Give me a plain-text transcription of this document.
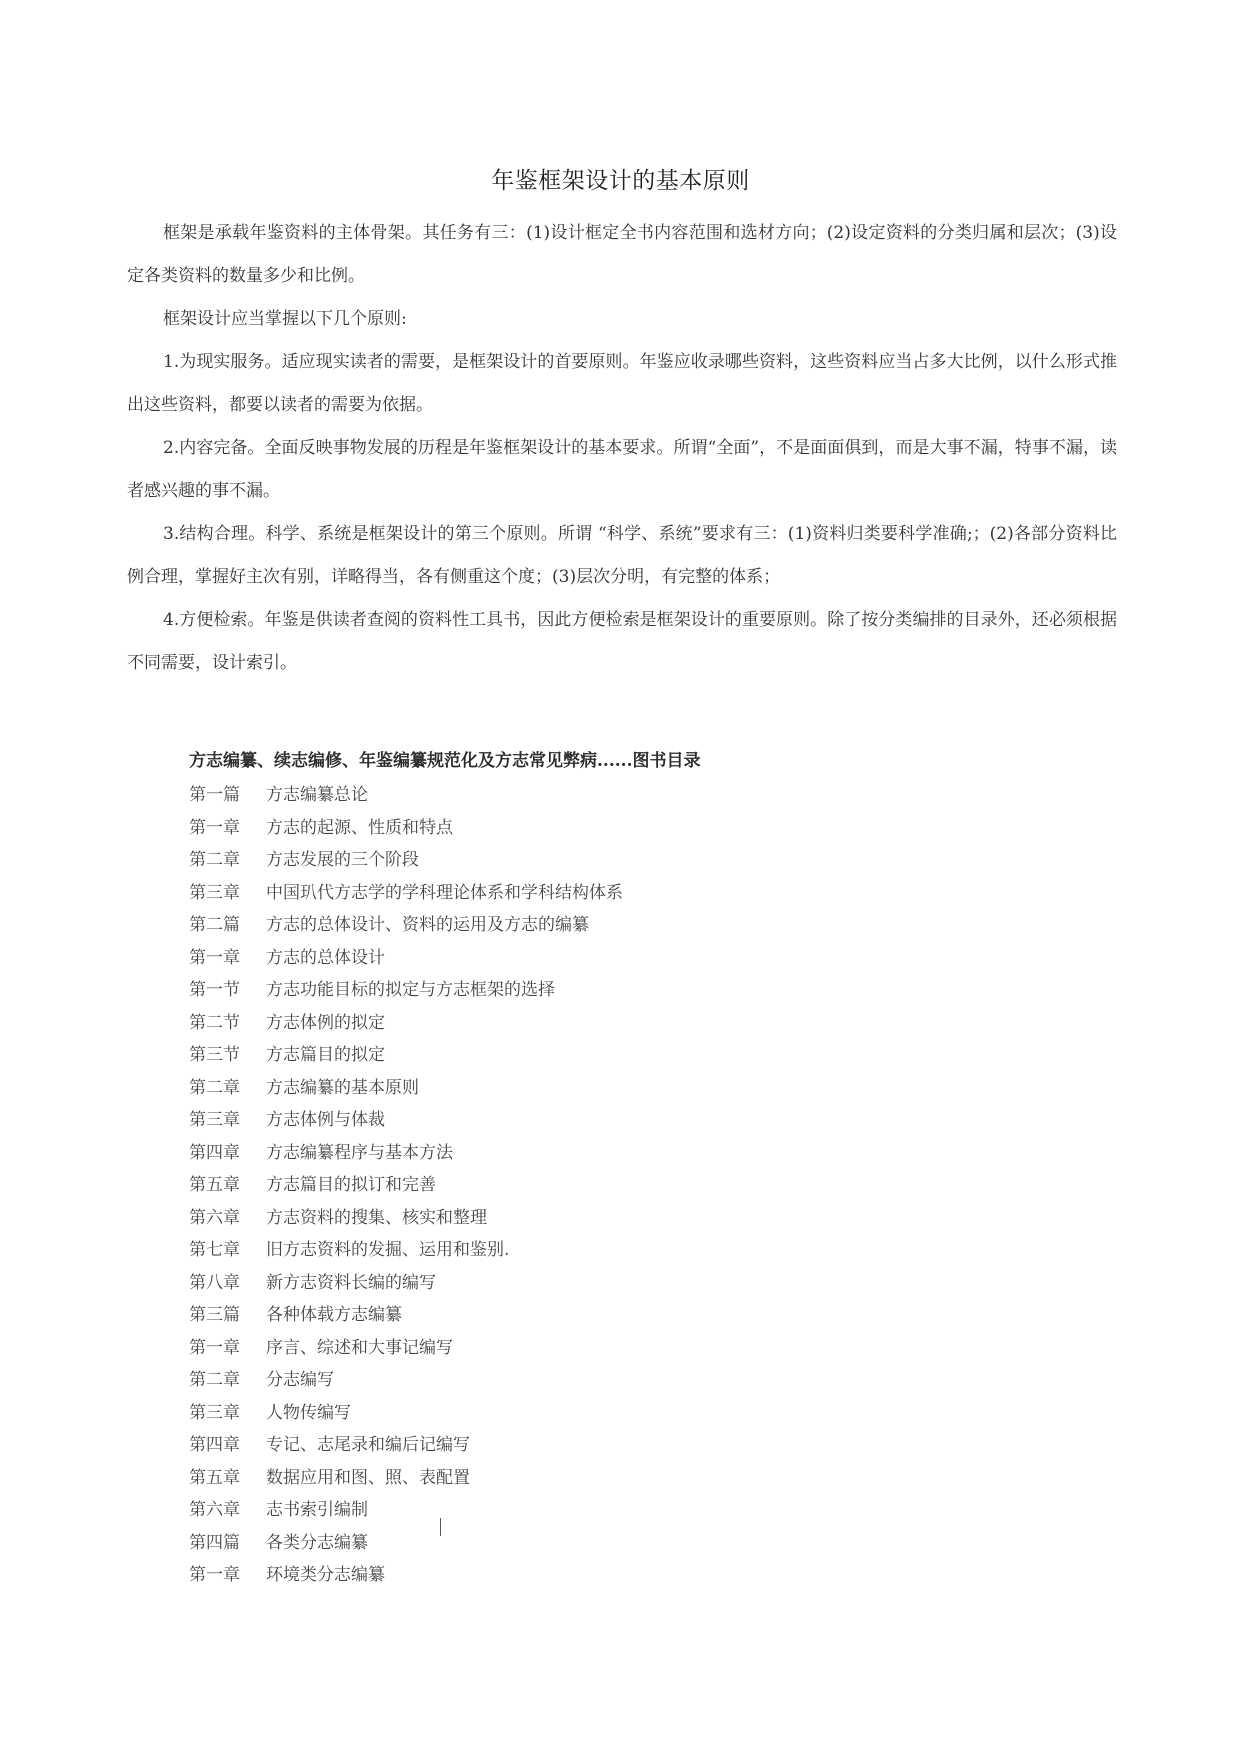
年鉴框架设计的基本原则

框架是承载年鉴资料的主体骨架。其任务有三：(1)设计框定全书内容范围和选材方向；(2)设定资料的分类归属和层次；(3)设定各类资料的数量多少和比例。

框架设计应当掌握以下几个原则:

1.为现实服务。适应现实读者的需要，是框架设计的首要原则。年鉴应收录哪些资料，这些资料应当占多大比例，以什么形式推出这些资料，都要以读者的需要为依据。

2.内容完备。全面反映事物发展的历程是年鉴框架设计的基本要求。所谓“全面”，不是面面俱到，而是大事不漏，特事不漏，读者感兴趣的事不漏。

3.结构合理。科学、系统是框架设计的第三个原则。所谓 “科学、系统”要求有三：(1)资料归类要科学准确;；(2)各部分资料比例合理，掌握好主次有别，详略得当，各有侧重这个度；(3)层次分明，有完整的体系；

4.方便检索。年鉴是供读者查阅的资料性工具书，因此方便检索是框架设计的重要原则。除了按分类编排的目录外，还必须根据不同需要，设计索引。

方志编纂、续志编修、年鉴编纂规范化及方志常见弊病......图书目录
第一篇 方志编纂总论
第一章 方志的起源、性质和特点
第二章 方志发展的三个阶段
第三章 中国玐代方志学的学科理论体系和学科结构体系
第二篇 方志的总体设计、资料的运用及方志的编纂
第一章 方志的总体设计
第一节 方志功能目标的拟定与方志框架的选择
第二节 方志体例的拟定
第三节 方志篇目的拟定
第二章 方志编纂的基本原则
第三章 方志体例与体裁
第四章 方志编纂程序与基本方法
第五章 方志篇目的拟订和完善
第六章 方志资料的搜集、核实和整理
第七章 旧方志资料的发掘、运用和鉴别.
第八章 新方志资料长编的编写
第三篇 各种体载方志编纂
第一章 序言、综述和大事记编写
第二章 分志编写
第三章 人物传编写
第四章 专记、志尾录和编后记编写
第五章 数据应用和图、照、表配置
第六章 志书索引编制
第四篇 各类分志编纂
第一章 环境类分志编纂
